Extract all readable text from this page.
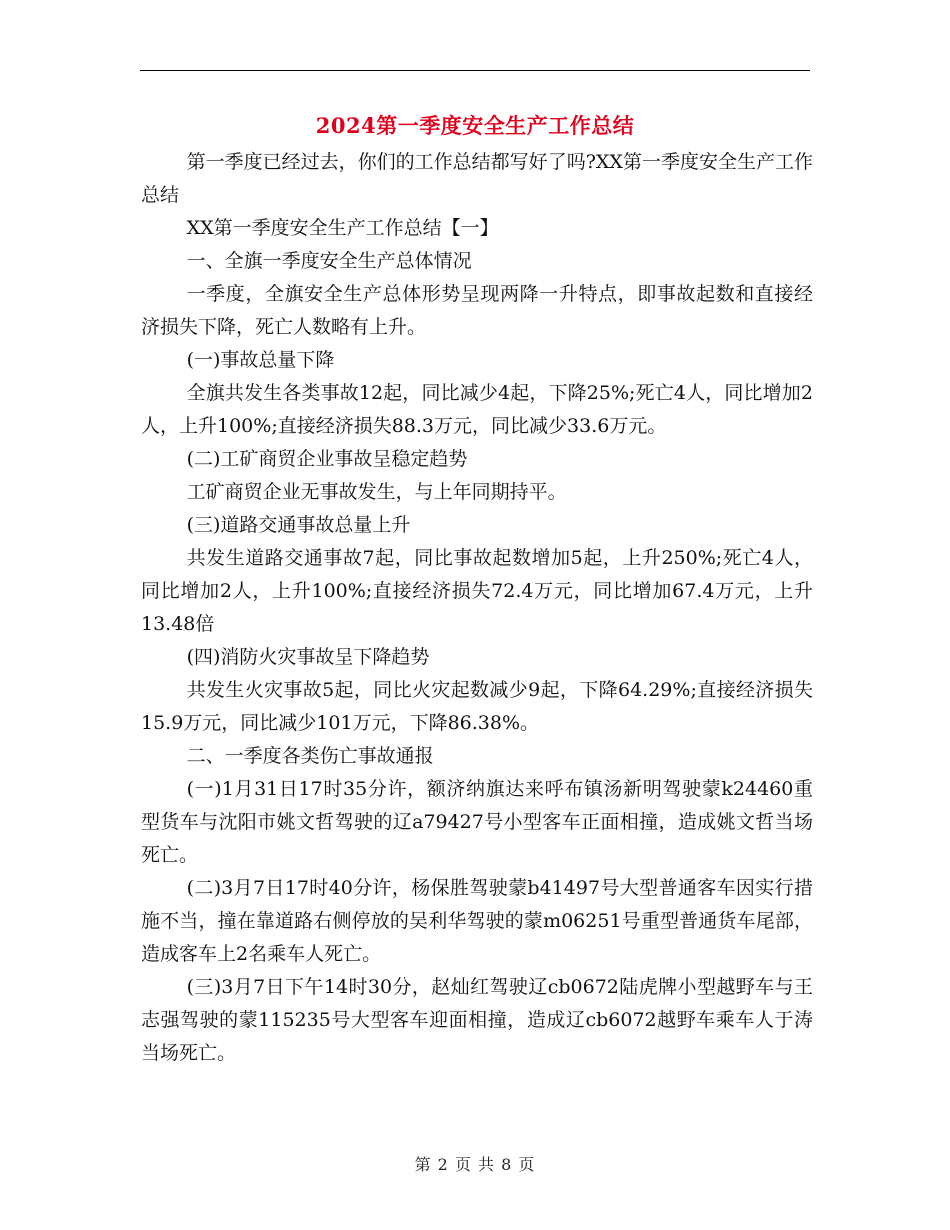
2024第一季度安全生产工作总结

第一季度已经过去，你们的工作总结都写好了吗?XX第一季度安全生产工作总结

XX第一季度安全生产工作总结【一】

一、全旗一季度安全生产总体情况

一季度，全旗安全生产总体形势呈现两降一升特点，即事故起数和直接经济损失下降，死亡人数略有上升。

(一)事故总量下降

全旗共发生各类事故12起，同比减少4起，下降25%;死亡4人，同比增加2人，上升100%;直接经济损失88.3万元，同比减少33.6万元。

(二)工矿商贸企业事故呈稳定趋势

工矿商贸企业无事故发生，与上年同期持平。

(三)道路交通事故总量上升

共发生道路交通事故7起，同比事故起数增加5起，上升250%;死亡4人，同比增加2人，上升100%;直接经济损失72.4万元，同比增加67.4万元，上升13.48倍

(四)消防火灾事故呈下降趋势

共发生火灾事故5起，同比火灾起数减少9起，下降64.29%;直接经济损失15.9万元，同比减少101万元，下降86.38%。

二、一季度各类伤亡事故通报

(一)1月31日17时35分许，额济纳旗达来呼布镇汤新明驾驶蒙k24460重型货车与沈阳市姚文哲驾驶的辽a79427号小型客车正面相撞，造成姚文哲当场死亡。

(二)3月7日17时40分许，杨保胜驾驶蒙b41497号大型普通客车因实行措施不当，撞在靠道路右侧停放的吴利华驾驶的蒙m06251号重型普通货车尾部，造成客车上2名乘车人死亡。

(三)3月7日下午14时30分，赵灿红驾驶辽cb0672陆虎牌小型越野车与王志强驾驶的蒙115235号大型客车迎面相撞，造成辽cb6072越野车乘车人于涛当场死亡。

第 2 页 共 8 页
